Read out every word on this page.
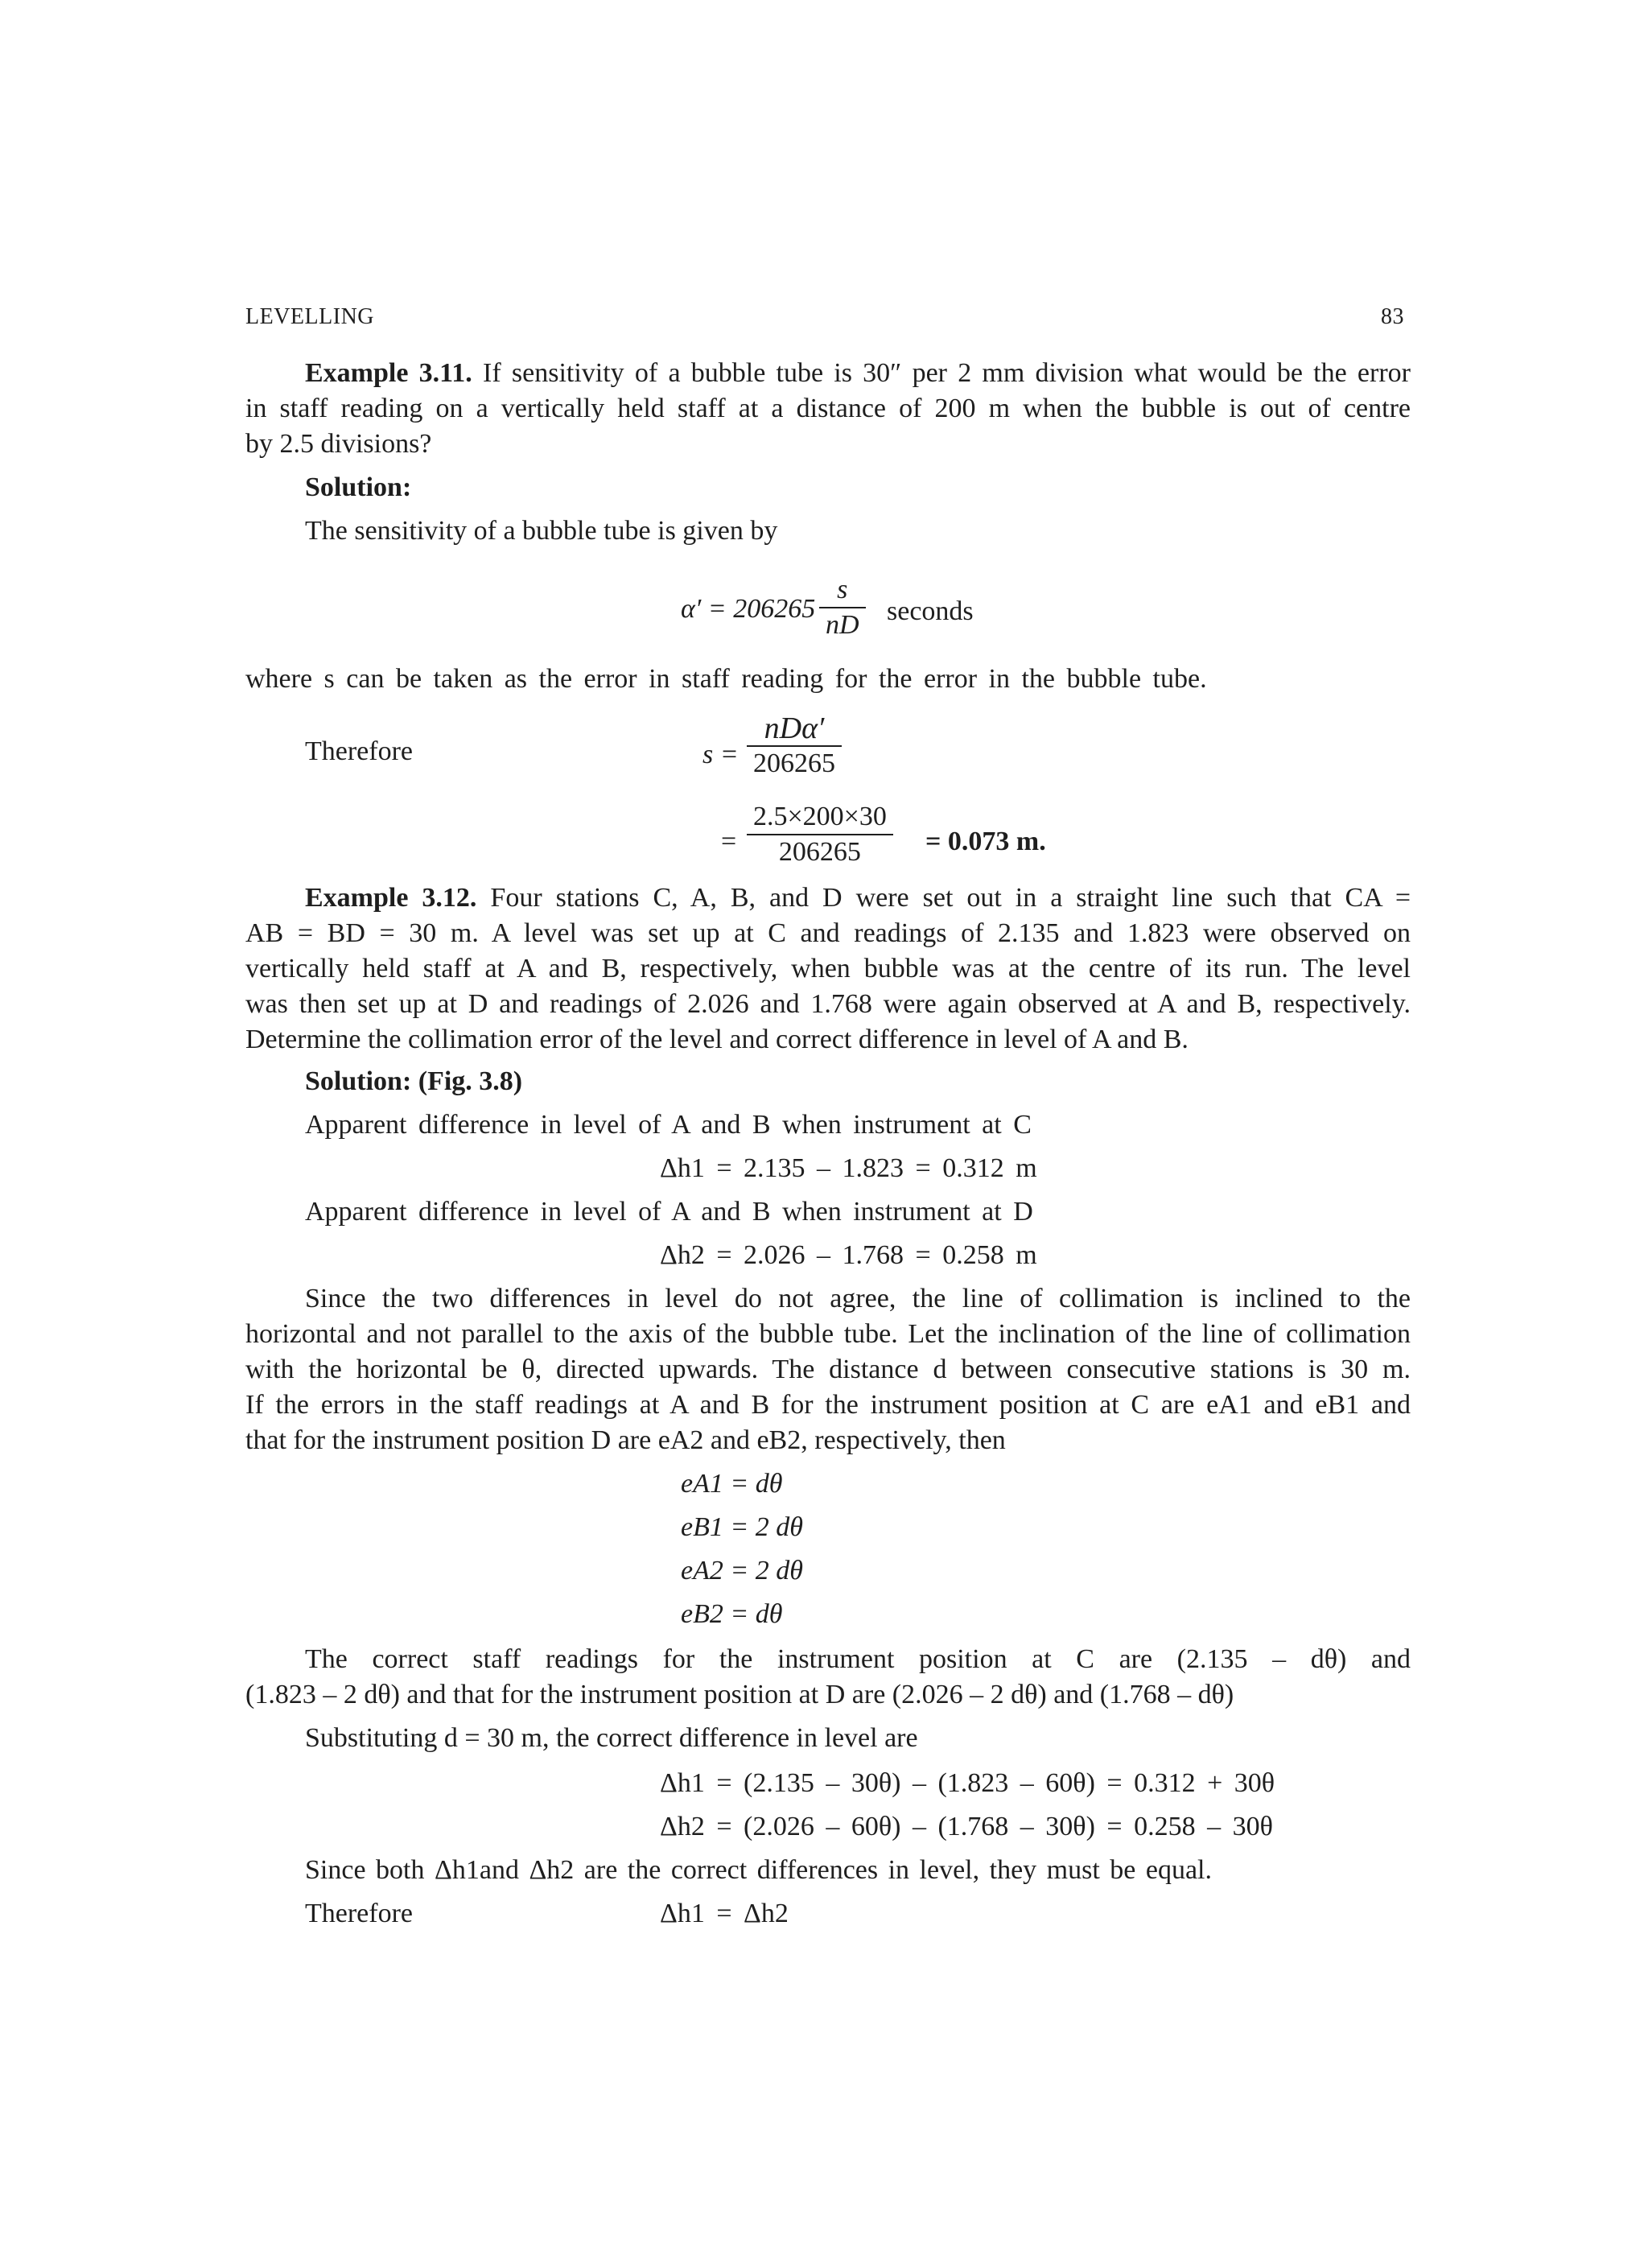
LEVELLING	83
Example 3.11. If sensitivity of a bubble tube is 30″ per 2 mm division what would be the error
in staff reading on a vertically held staff at a distance of 200 m when the bubble is out of centre
by 2.5 divisions?
Solution:
The sensitivity of a bubble tube is given by
$\alpha' = 206265 \frac{s}{nD}$ seconds
where s can be taken as the error in staff reading for the error in the bubble tube.
Therefore	s =
nDα′
206265
= $\frac{2.5\times 200\times 30}{206265} = 0.073$ m.
Example 3.12. Four stations C, A, B, and D were set out in a straight line such that CA =
AB = BD = 30 m. A level was set up at C and readings of 2.135 and 1.823 were observed on
vertically held staff at A and B, respectively, when bubble was at the centre of its run. The level
was then set up at D and readings of 2.026 and 1.768 were again observed at A and B, respectively.
Determine the collimation error of the level and correct difference in level of A and B.
Solution: (Fig. 3.8)
Apparent difference in level of A and B when instrument at C
Δh1 = 2.135 – 1.823 = 0.312 m
Apparent difference in level of A and B when instrument at D
Δh2 = 2.026 – 1.768 = 0.258 m
Since the two differences in level do not agree, the line of collimation is inclined to the
horizontal and not parallel to the axis of the bubble tube. Let the inclination of the line of collimation
with the horizontal be θ, directed upwards. The distance d between consecutive stations is 30 m.
If the errors in the staff readings at A and B for the instrument position at C are eA1 and eB1 and
that for the instrument position D are eA2 and eB2, respectively, then
eA1 = dθ
eB1 = 2 dθ
eA2 = 2 dθ
eB2 = dθ
The correct staff readings for the instrument position at C are (2.135 – dθ) and
(1.823 – 2 dθ) and that for the instrument position at D are (2.026 – 2 dθ) and (1.768 – dθ)
Substituting d = 30 m, the correct difference in level are
Δh1 = (2.135 – 30θ) – (1.823 – 60θ) = 0.312 + 30θ
Δh2 = (2.026 – 60θ) – (1.768 – 30θ) = 0.258 – 30θ
Since both Δh1and Δh2 are the correct differences in level, they must be equal.
Therefore	Δh1 = Δh2
